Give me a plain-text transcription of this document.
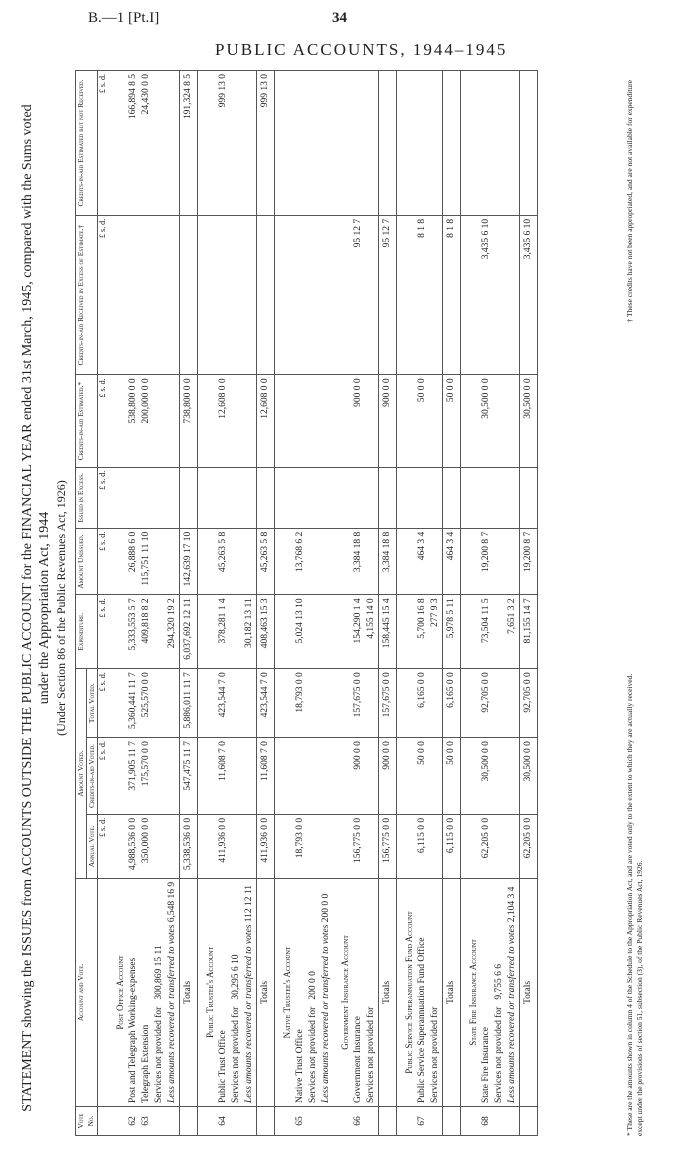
B.—1 [Pt.I]	34
PUBLIC ACCOUNTS, 1944–1945
STATEMENT showing the ISSUES from ACCOUNTS OUTSIDE THE PUBLIC ACCOUNT for the FINANCIAL YEAR ended 31st March, 1945, compared with the Sums voted under the Appropriation Act, 1944 (Under Section 86 of the Public Revenues Act, 1926)
Vote No.	Account and Vote.	Amount Voted.			Expenditure.	Amount Unissued.	Issued in Excess.	Credits-in-aid Estimated.*	Credits-in-aid Received in Excess of Estimate.†	Credits-in-aid Estimated but not Received.
		Annual Vote.	Credits-in-aid Voted.	Total Voted.						
		£ s. d.	£ s. d.	£ s. d.	£ s. d.	£ s. d.	£ s. d.	£ s. d.	£ s. d.	£ s. d.

	Post Office Account									

62	Post and Telegraph Working-expenses	4,988,536 0 0	371,905 11 7	5,360,441 11 7	5,333,553 5 7	26,888 6 0		538,800 0 0		166,894 8 5
63	Telegraph Extension	350,000 0 0	175,570 0 0	525,570 0 0	409,818 8 2	115,751 11 10		200,000 0 0		24,430 0 0
	Services not provided for   300,869 15 11									
	Less amounts recovered or transferred to votes 6,548 16 9				294,320 19 2					
	Totals	5,338,536 0 0	547,475 11 7	5,886,011 11 7	6,037,692 12 11	142,639 17 10		738,800 0 0		191,324 8 5

	Public Trustee's Account									

64	Public Trust Office	411,936 0 0	11,608 7 0	423,544 7 0	378,281 1 4	45,263 5 8		12,608 0 0		999 13 0
	Services not provided for   30,295 6 10									
	Less amounts recovered or transferred to votes 112 12 11				30,182 13 11					
	Totals	411,936 0 0	11,608 7 0	423,544 7 0	408,463 15 3	45,263 5 8		12,608 0 0		999 13 0

	Native Trustee's Account									

65	Native Trust Office	18,793 0 0		18,793 0 0	5,024 13 10	13,768 6 2				
	Services not provided for   200 0 0									
	Less amounts recovered or transferred to votes 200 0 0									

	Government Insurance Account									

66	Government Insurance	156,775 0 0	900 0 0	157,675 0 0	154,290 1 4	3,384 18 8		900 0 0	95 12 7	
	Services not provided for				4,155 14 0					
	Totals	156,775 0 0	900 0 0	157,675 0 0	158,445 15 4	3,384 18 8		900 0 0	95 12 7	

	Public Service Superannuation Fund Account									

67	Public Service Superannuation Fund Office	6,115 0 0	50 0 0	6,165 0 0	5,700 16 8	464 3 4		50 0 0	8 1 8	
	Services not provided for				277 9 3					
	Totals	6,115 0 0	50 0 0	6,165 0 0	5,978 5 11	464 3 4		50 0 0	8 1 8	

	State Fire Insurance Account									

68	State Fire Insurance	62,205 0 0	30,500 0 0	92,705 0 0	73,504 11 5	19,200 8 7		30,500 0 0	3,435 6 10	
	Services not provided for   9,755 6 6									
	Less amounts recovered or transferred to votes 2,104 3 4				7,651 3 2					
	Totals	62,205 0 0	30,500 0 0	92,705 0 0	81,155 14 7	19,200 8 7		30,500 0 0	3,435 6 10	
* These are the amounts shown in column 4 of the Schedule to the Appropriation Act, and are voted only to the extent to which they are actually received. except under the provisions of section 51, subsection (3), of the Public Revenues Act, 1926.
† These credits have not been appropriated, and are not available for expenditure
